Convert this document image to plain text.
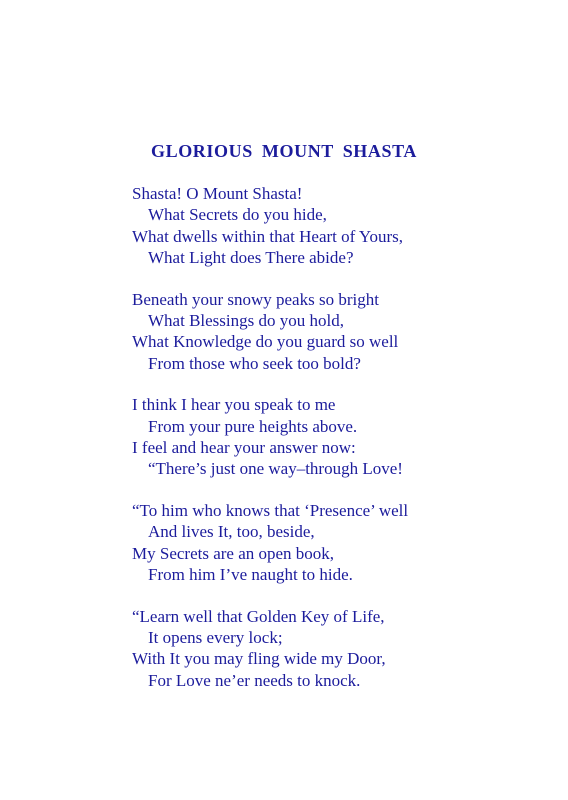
GLORIOUS MOUNT SHASTA
Shasta! O Mount Shasta!
What Secrets do you hide,
What dwells within that Heart of Yours,
What Light does There abide?
Beneath your snowy peaks so bright
What Blessings do you hold,
What Knowledge do you guard so well
From those who seek too bold?
I think I hear you speak to me
From your pure heights above.
I feel and hear your answer now:
“There’s just one way–through Love!
“To him who knows that ‘Presence’ well
And lives It, too, beside,
My Secrets are an open book,
From him I’ve naught to hide.
“Learn well that Golden Key of Life,
It opens every lock;
With It you may fling wide my Door,
For Love ne’er needs to knock.
